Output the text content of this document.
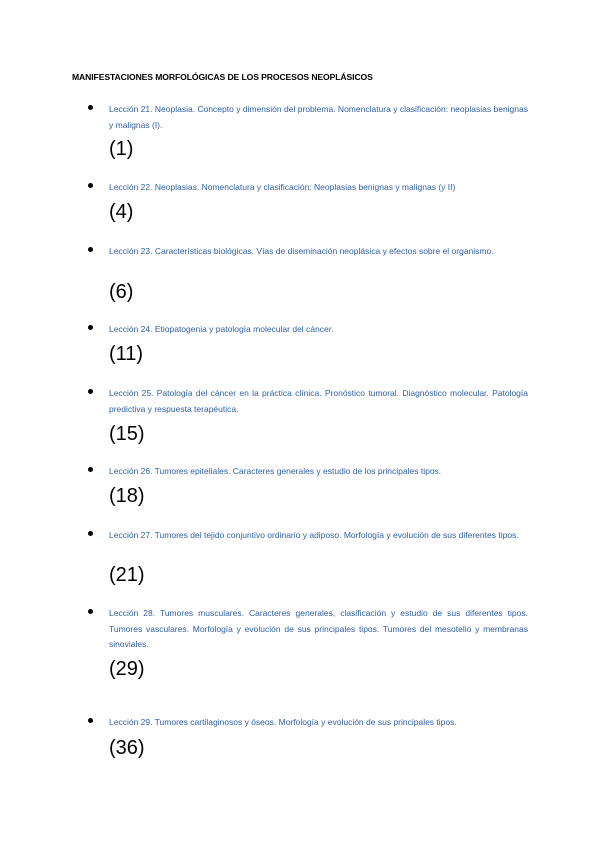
MANIFESTACIONES MORFOLÓGICAS DE LOS PROCESOS NEOPLÁSICOS

Lección 21. Neoplasia. Concepto y dimensión del problema. Nomenclatura y clasificación: neoplasias benignas y malignas (I).

(1)

Lección 22. Neoplasias. Nomenclatura y clasificación: Neoplasias benignas y malignas (y II)

(4)

Lección 23. Características biológicas. Vías de diseminación neoplásica y efectos sobre el organismo.

(6)

Lección 24. Etiopatogenia y patología molecular del cáncer.

(11)

Lección 25. Patología del cáncer en la práctica clínica. Pronóstico tumoral. Diagnóstico molecular. Patología predictiva y respuesta terapéutica.

(15)

Lección 26. Tumores epiteliales. Caracteres generales y estudio de los principales tipos.

(18)

Lección 27. Tumores del tejido conjuntivo ordinario y adiposo. Morfología y evolución de sus diferentes tipos.

(21)

Lección 28. Tumores musculares. Caracteres generales, clasificación y estudio de sus diferentes tipos. Tumores vasculares. Morfología y evolución de sus principales tipos. Tumores del mesotelio y membranas sinoviales.

(29)

Lección 29. Tumores cartilaginosos y óseos. Morfología y evolución de sus principales tipos.

(36)
